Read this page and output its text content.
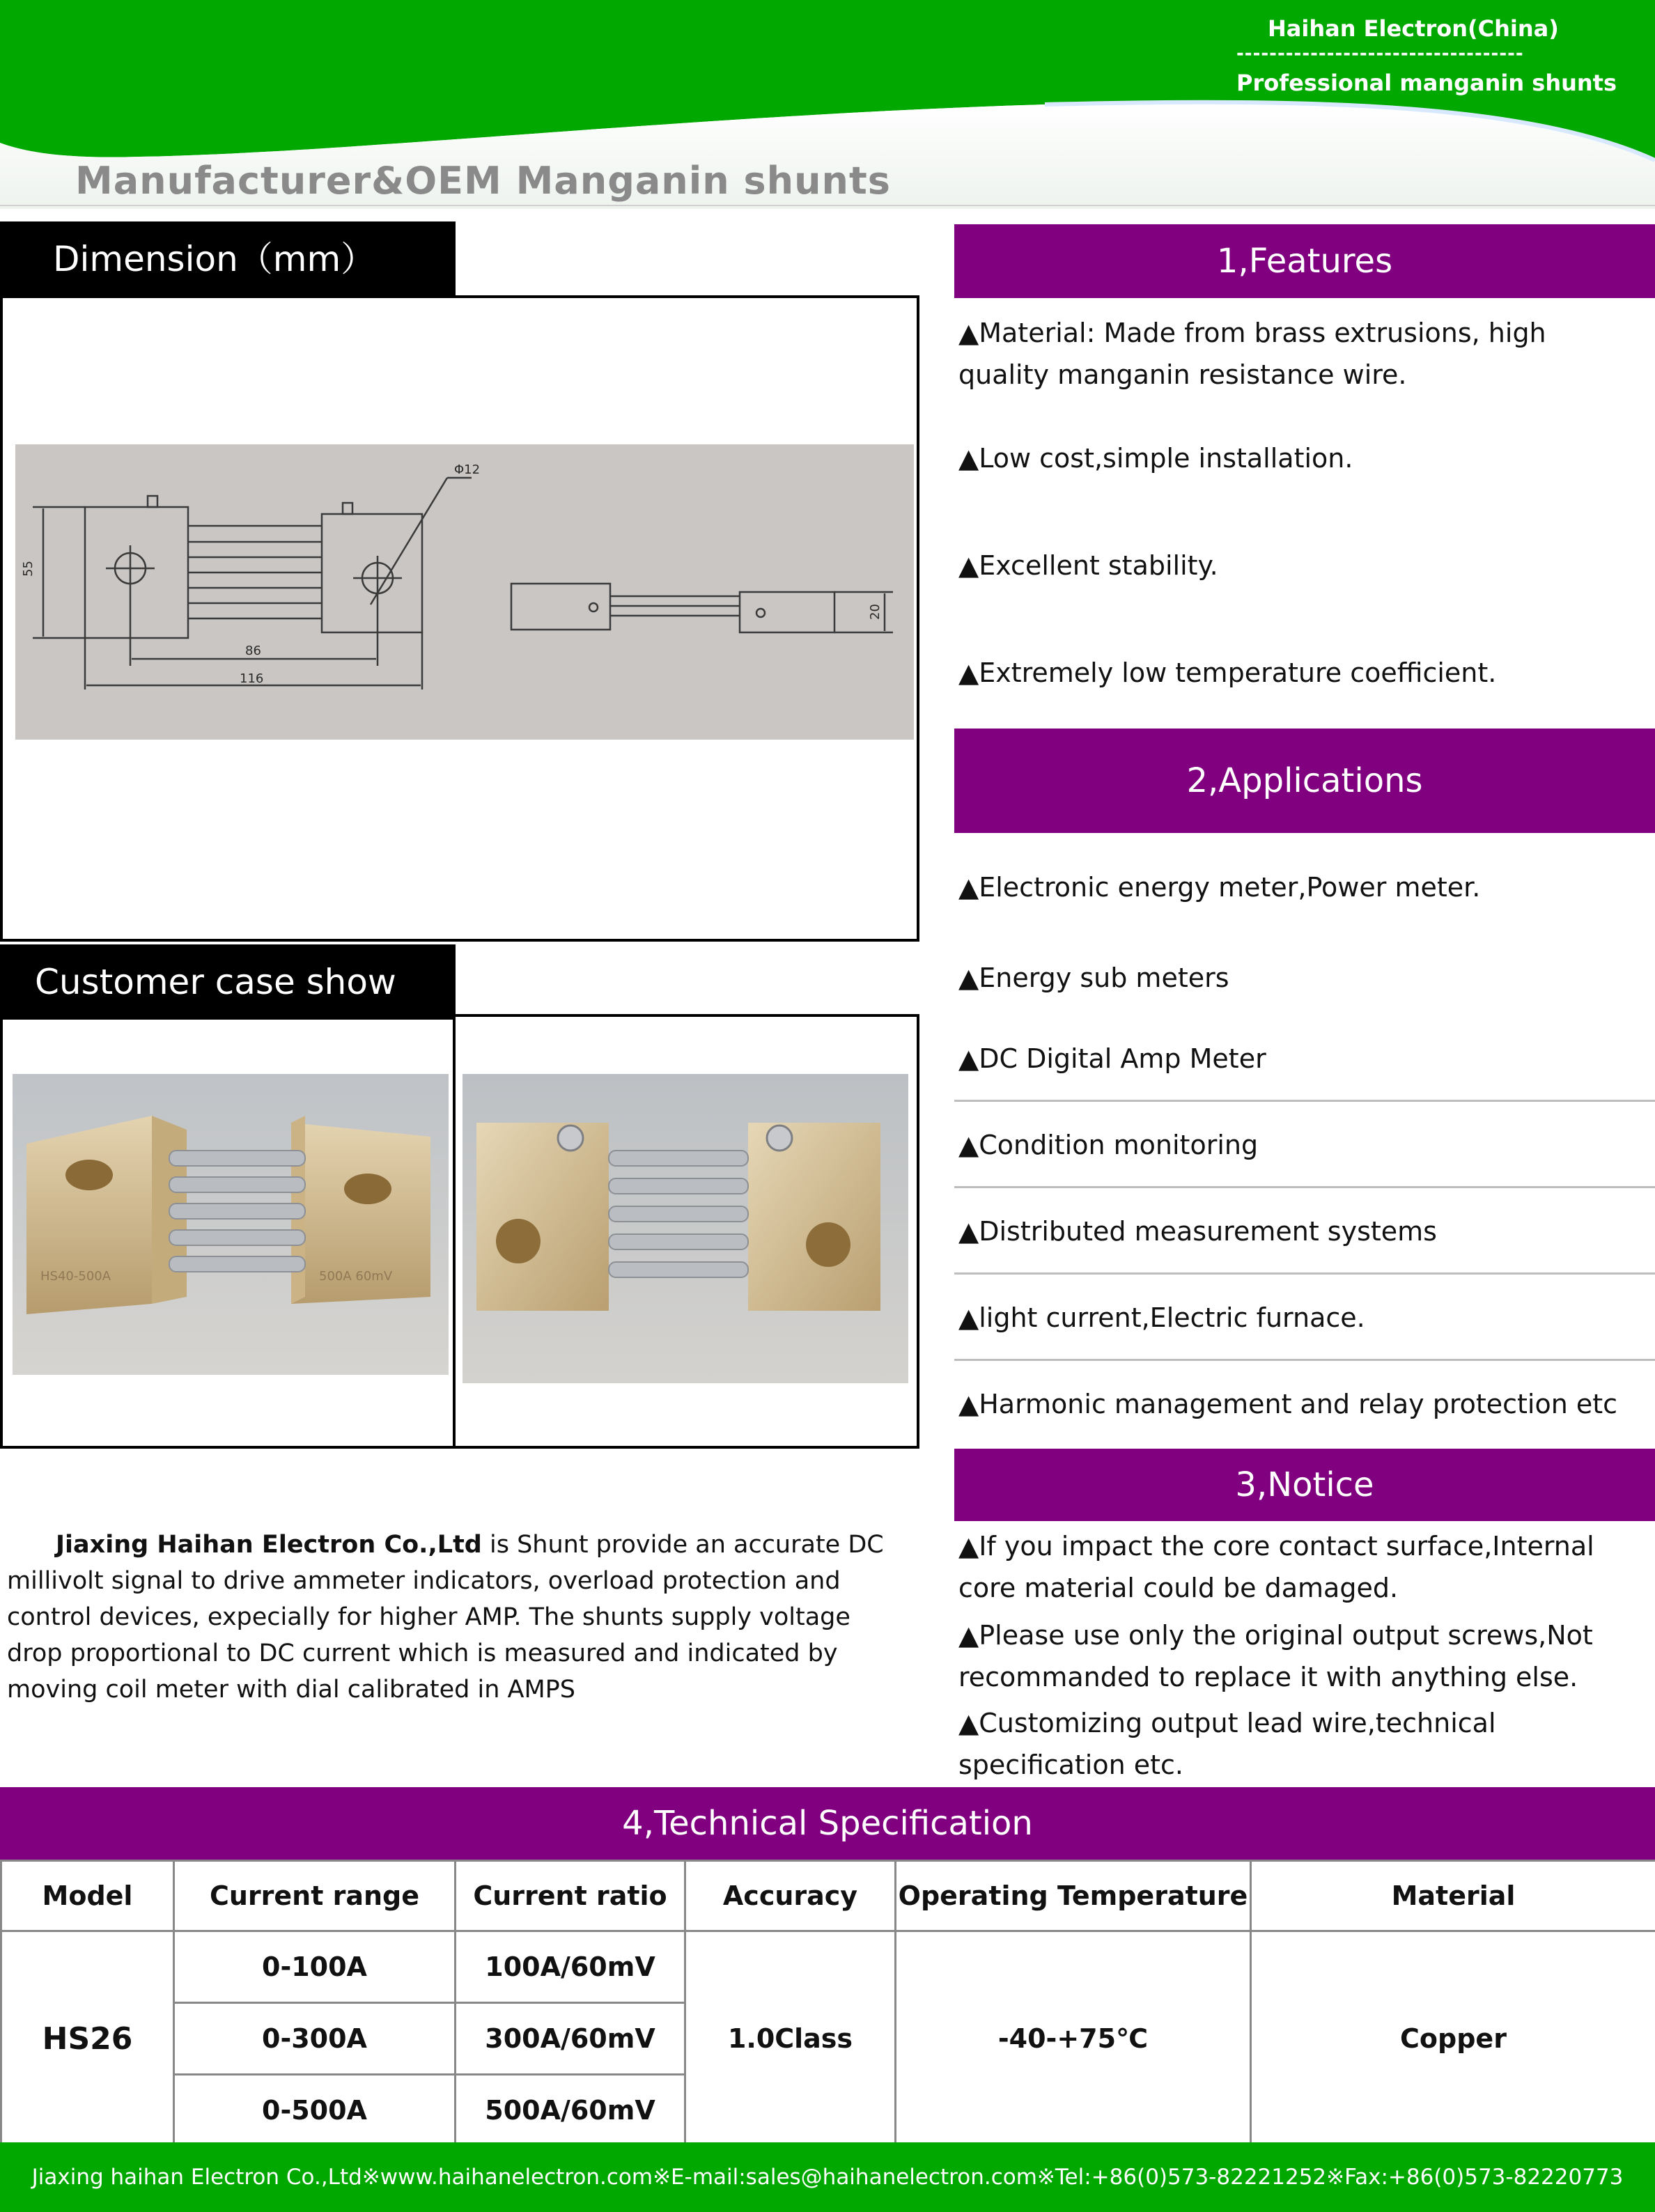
Haihan Electron(China)
-----------------------------------
Professional manganin shunts
Manufacturer&OEM Manganin shunts
Dimension（mm）
Φ12
55
86
116
20
Customer case show
HS40-500A	500A 60mV
Jiaxing Haihan Electron Co.,Ltd is Shunt provide an accurate DC millivolt signal to drive ammeter indicators, overload protection and control devices, expecially for higher AMP. The shunts supply voltage drop proportional to DC current which is measured and indicated by moving coil meter with dial calibrated in AMPS
1,Features
▲Material: Made from brass extrusions, high quality manganin resistance wire.
▲Low cost,simple installation.
▲Excellent stability.
▲Extremely low temperature coefficient.
2,Applications
▲Electronic energy meter,Power meter.
▲Energy sub meters
▲DC Digital Amp Meter
▲Condition monitoring
▲Distributed measurement systems
▲light current,Electric furnace.
▲Harmonic management and relay protection etc
3,Notice
▲If you impact the core contact surface,Internal core material could be damaged.
▲Please use only the original output screws,Not recommanded to replace it with anything else.
▲Customizing output lead wire,technical specification etc.
4,Technical Specification
Model	Current range	Current ratio	Accuracy	Operating Temperature	Material
HS26	0-100A	100A/60mV	1.0Class	-40-+75℃	Copper
	0-300A	300A/60mV			
	0-500A	500A/60mV			
Jiaxing haihan Electron Co.,Ltd※www.haihanelectron.com※E-mail:sales@haihanelectron.com※Tel:+86(0)573-82221252※Fax:+86(0)573-82220773
